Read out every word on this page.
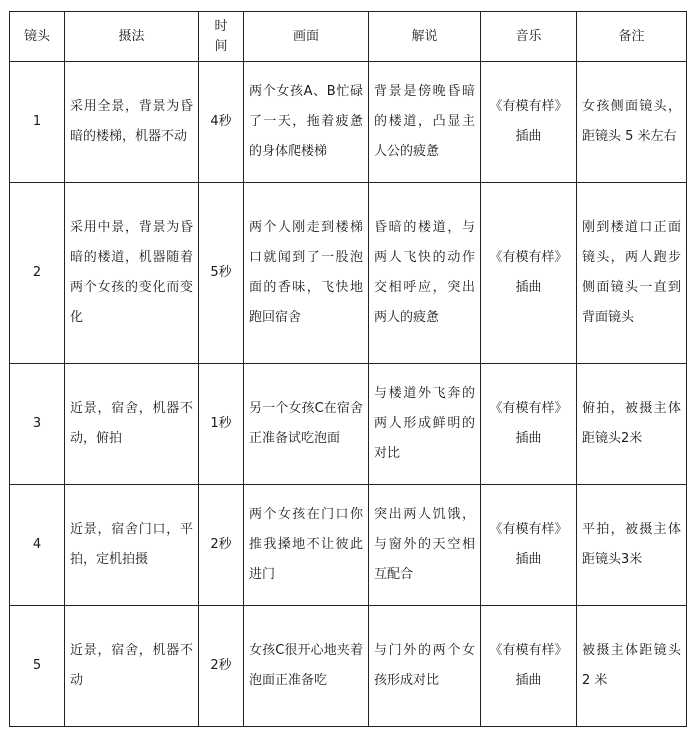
镜头	摄法	时间	画面	解说	音乐	备注
1	采用全景，背景为昏暗的楼梯，机器不动	4秒	两个女孩A、B忙碌了一天，拖着疲惫的身体爬楼梯	背景是傍晚昏暗的楼道，凸显主人公的疲惫	《有模有样》插曲	女孩侧面镜头，距镜头 5 米左右
2	采用中景，背景为昏暗的楼道，机器随着两个女孩的变化而变化	5秒	两个人刚走到楼梯口就闻到了一股泡面的香味，飞快地跑回宿舍	昏暗的楼道，与两人飞快的动作交相呼应，突出两人的疲惫	《有模有样》插曲	刚到楼道口正面镜头，两人跑步侧面镜头一直到背面镜头
3	近景，宿舍，机器不动，俯拍	1秒	另一个女孩C在宿舍正准备试吃泡面	与楼道外飞奔的两人形成鲜明的对比	《有模有样》插曲	俯拍，被摄主体距镜头2米
4	近景，宿舍门口，平拍，定机拍摄	2秒	两个女孩在门口你推我搡地不让彼此进门	突出两人饥饿，与窗外的天空相互配合	《有模有样》插曲	平拍，被摄主体距镜头3米
5	近景，宿舍，机器不动	2秒	女孩C很开心地夹着泡面正准备吃	与门外的两个女孩形成对比	《有模有样》插曲	被摄主体距镜头 2 米
